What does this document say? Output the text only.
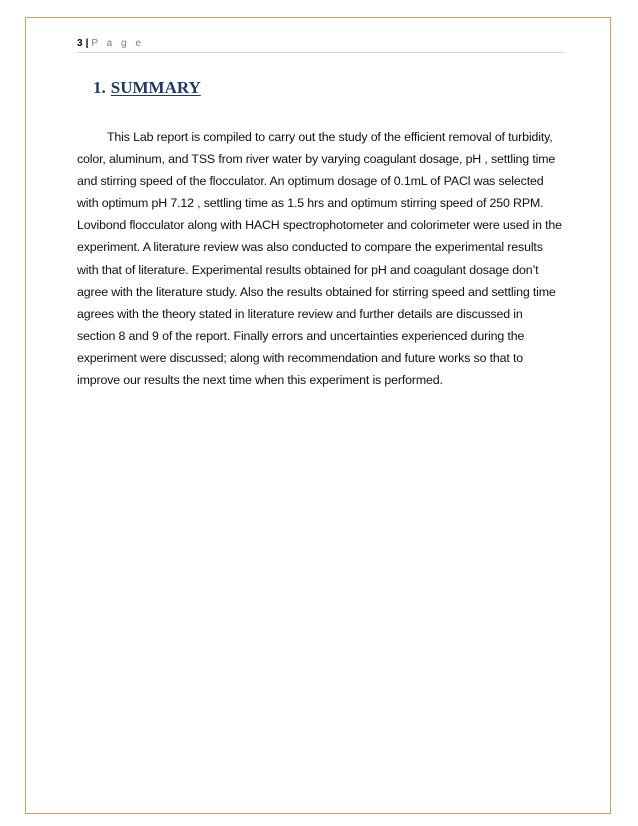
3 | P a g e
1. SUMMARY

This Lab report is compiled to carry out the study of the efficient removal of turbidity, color, aluminum, and TSS from river water by varying coagulant dosage, pH , settling time and stirring speed of the flocculator. An optimum dosage of 0.1mL of PACl was selected with optimum pH 7.12 , settling time as 1.5 hrs and optimum stirring speed of 250 RPM. Lovibond flocculator along with HACH spectrophotometer and colorimeter were used in the experiment. A literature review was also conducted to compare the experimental results with that of literature. Experimental results obtained for pH and coagulant dosage don’t agree with the literature study. Also the results obtained for stirring speed and settling time agrees with the theory stated in literature review and further details are discussed in section 8 and 9 of the report. Finally errors and uncertainties experienced during the experiment were discussed; along with recommendation and future works so that to improve our results the next time when this experiment is performed.
